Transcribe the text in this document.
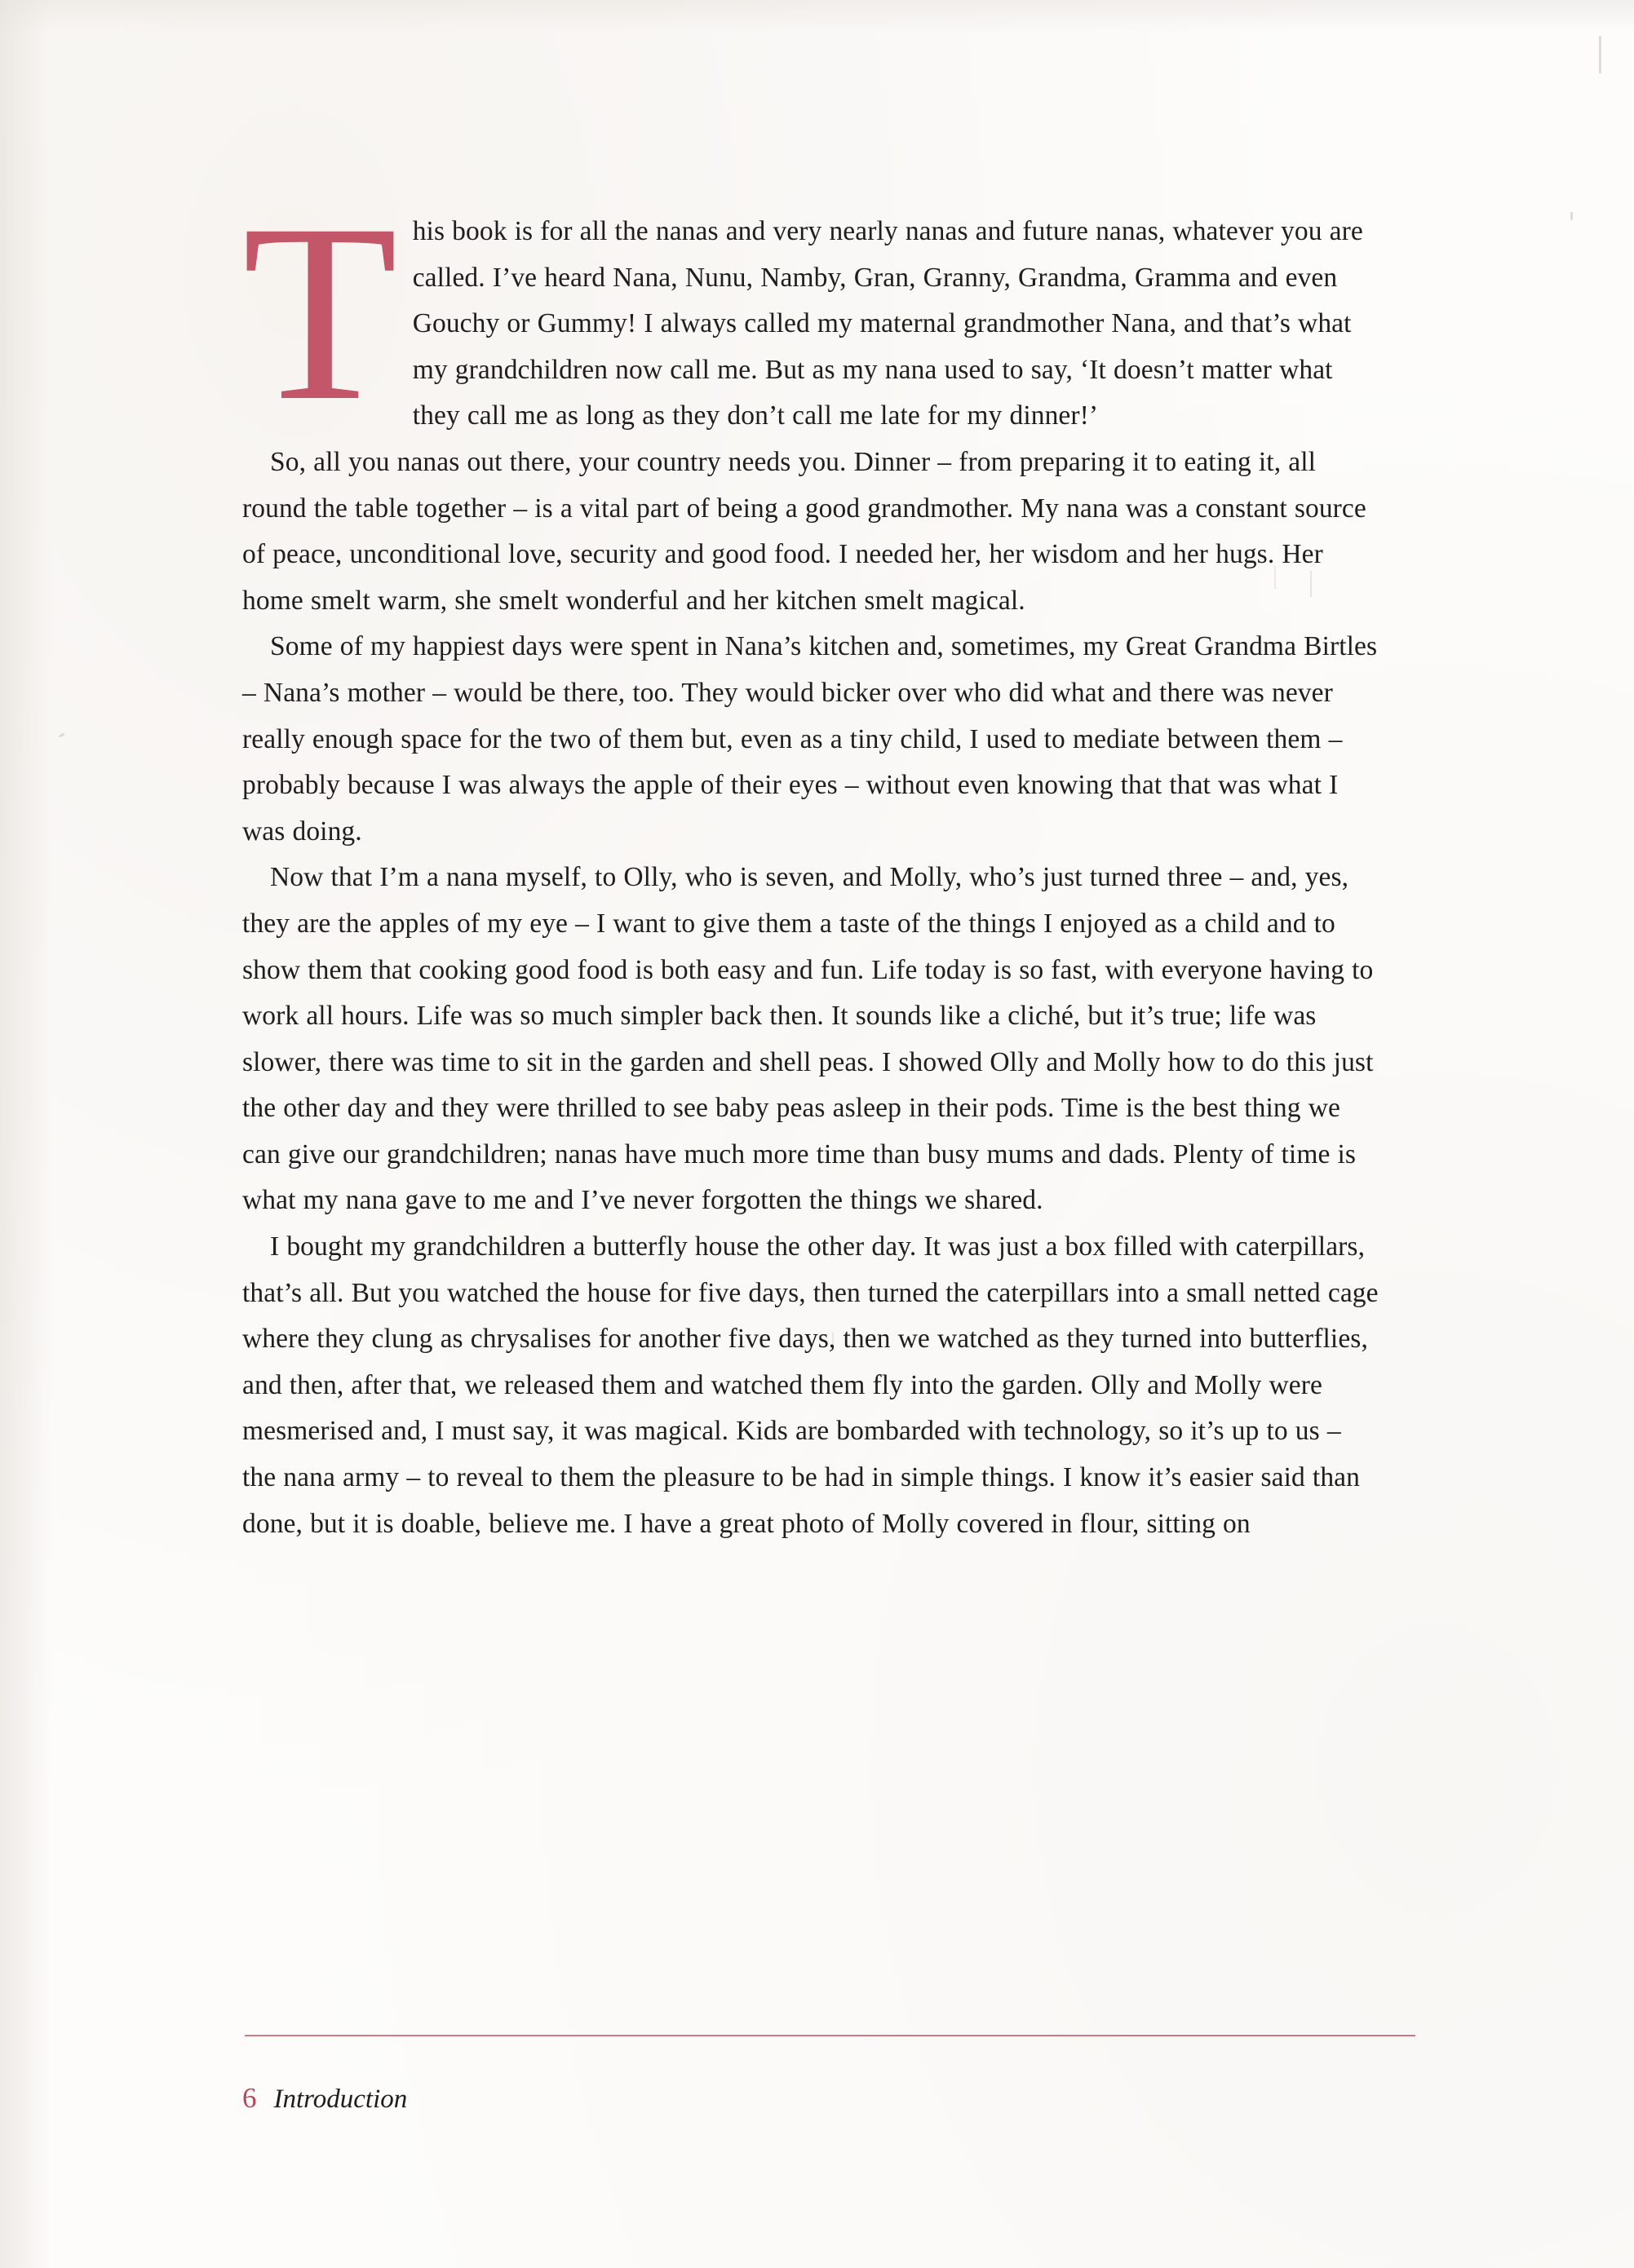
This book is for all the nanas and very nearly nanas and future nanas, whatever you are called. I’ve heard Nana, Nunu, Namby, Gran, Granny, Grandma, Gramma and even Gouchy or Gummy! I always called my maternal grandmother Nana, and that’s what my grandchildren now call me. But as my nana used to say, ‘It doesn’t matter what they call me as long as they don’t call me late for my dinner!’

So, all you nanas out there, your country needs you. Dinner – from preparing it to eating it, all round the table together – is a vital part of being a good grandmother. My nana was a constant source of peace, unconditional love, security and good food. I needed her, her wisdom and her hugs. Her home smelt warm, she smelt wonderful and her kitchen smelt magical.

Some of my happiest days were spent in Nana’s kitchen and, sometimes, my Great Grandma Birtles – Nana’s mother – would be there, too. They would bicker over who did what and there was never really enough space for the two of them but, even as a tiny child, I used to mediate between them – probably because I was always the apple of their eyes – without even knowing that that was what I was doing.

Now that I’m a nana myself, to Olly, who is seven, and Molly, who’s just turned three – and, yes, they are the apples of my eye – I want to give them a taste of the things I enjoyed as a child and to show them that cooking good food is both easy and fun. Life today is so fast, with everyone having to work all hours. Life was so much simpler back then. It sounds like a cliché, but it’s true; life was slower, there was time to sit in the garden and shell peas. I showed Olly and Molly how to do this just the other day and they were thrilled to see baby peas asleep in their pods. Time is the best thing we can give our grandchildren; nanas have much more time than busy mums and dads. Plenty of time is what my nana gave to me and I’ve never forgotten the things we shared.

I bought my grandchildren a butterfly house the other day. It was just a box filled with caterpillars, that’s all. But you watched the house for five days, then turned the caterpillars into a small netted cage where they clung as chrysalises for another five days, then we watched as they turned into butterflies, and then, after that, we released them and watched them fly into the garden. Olly and Molly were mesmerised and, I must say, it was magical. Kids are bombarded with technology, so it’s up to us – the nana army – to reveal to them the pleasure to be had in simple things. I know it’s easier said than done, but it is doable, believe me. I have a great photo of Molly covered in flour, sitting on

6 Introduction
